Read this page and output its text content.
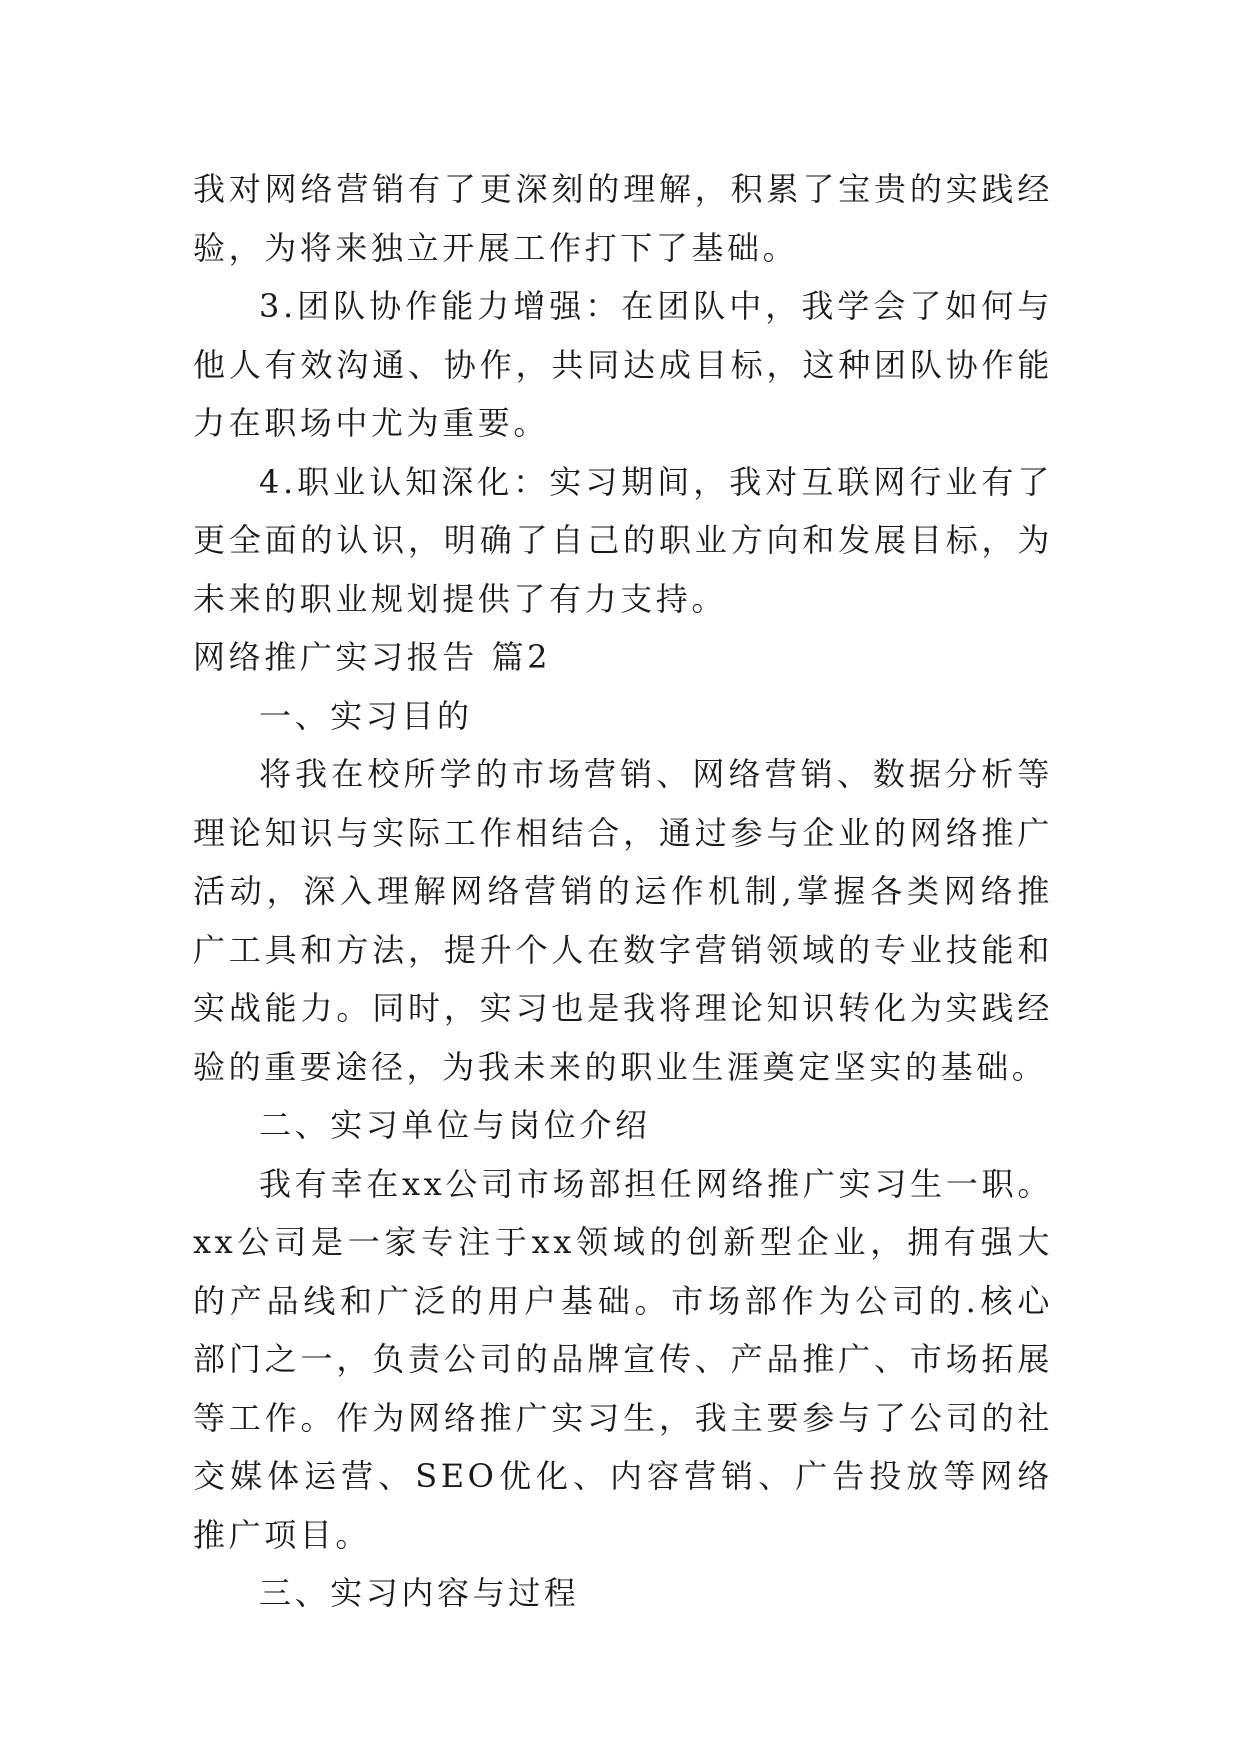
我对网络营销有了更深刻的理解，积累了宝贵的实践经验，为将来独立开展工作打下了基础。

3.团队协作能力增强：在团队中，我学会了如何与他人有效沟通、协作，共同达成目标，这种团队协作能力在职场中尤为重要。

4.职业认知深化：实习期间，我对互联网行业有了更全面的认识，明确了自己的职业方向和发展目标，为未来的职业规划提供了有力支持。

网络推广实习报告 篇2

一、实习目的

将我在校所学的市场营销、网络营销、数据分析等理论知识与实际工作相结合，通过参与企业的网络推广活动，深入理解网络营销的运作机制,掌握各类网络推广工具和方法，提升个人在数字营销领域的专业技能和实战能力。同时，实习也是我将理论知识转化为实践经验的重要途径，为我未来的职业生涯奠定坚实的基础。

二、实习单位与岗位介绍

我有幸在xx公司市场部担任网络推广实习生一职。xx公司是一家专注于xx领域的创新型企业，拥有强大的产品线和广泛的用户基础。市场部作为公司的.核心部门之一，负责公司的品牌宣传、产品推广、市场拓展等工作。作为网络推广实习生，我主要参与了公司的社交媒体运营、SEO优化、内容营销、广告投放等网络推广项目。

三、实习内容与过程
